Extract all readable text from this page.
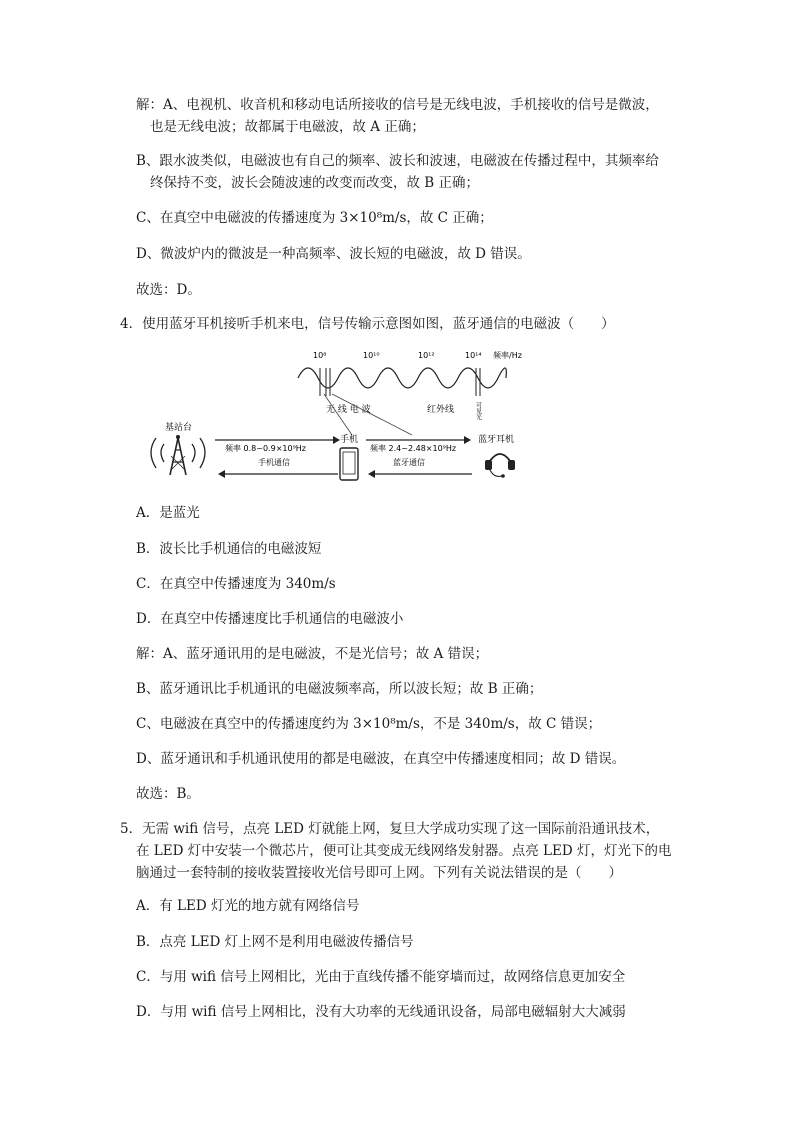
解：A、电视机、收音机和移动电话所接收的信号是无线电波，手机接收的信号是微波，
也是无线电波；故都属于电磁波，故 A 正确；
B、跟水波类似，电磁波也有自己的频率、波长和波速，电磁波在传播过程中，其频率给
终保持不变，波长会随波速的改变而改变，故 B 正确；
C、在真空中电磁波的传播速度为 3×10⁸m/s，故 C 正确；
D、微波炉内的微波是一种高频率、波长短的电磁波，故 D 错误。
故选：D。
4．使用蓝牙耳机接听手机来电，信号传输示意图如图，蓝牙通信的电磁波（　　）
10⁸	10¹⁰	10¹²	10¹⁴ 频率/Hz
无 线 电 波	红外线	可见光
基站台
手机	蓝牙耳机
频率 0.8~0.9×10⁹Hz
手机通信
频率 2.4~2.48×10⁹Hz
蓝牙通信
A．是蓝光
B．波长比手机通信的电磁波短
C．在真空中传播速度为 340m/s
D．在真空中传播速度比手机通信的电磁波小
解：A、蓝牙通讯用的是电磁波，不是光信号；故 A 错误；
B、蓝牙通讯比手机通讯的电磁波频率高，所以波长短；故 B 正确；
C、电磁波在真空中的传播速度约为 3×10⁸m/s，不是 340m/s，故 C 错误；
D、蓝牙通讯和手机通讯使用的都是电磁波，在真空中传播速度相同；故 D 错误。
故选：B。
5．无需 wifi 信号，点亮 LED 灯就能上网，复旦大学成功实现了这一国际前沿通讯技术，
在 LED 灯中安装一个微芯片，便可让其变成无线网络发射器。点亮 LED 灯，灯光下的电
脑通过一套特制的接收装置接收光信号即可上网。下列有关说法错误的是（　　）
A．有 LED 灯光的地方就有网络信号
B．点亮 LED 灯上网不是利用电磁波传播信号
C．与用 wifi 信号上网相比，光由于直线传播不能穿墙而过，故网络信息更加安全
D．与用 wifi 信号上网相比，没有大功率的无线通讯设备，局部电磁辐射大大减弱
